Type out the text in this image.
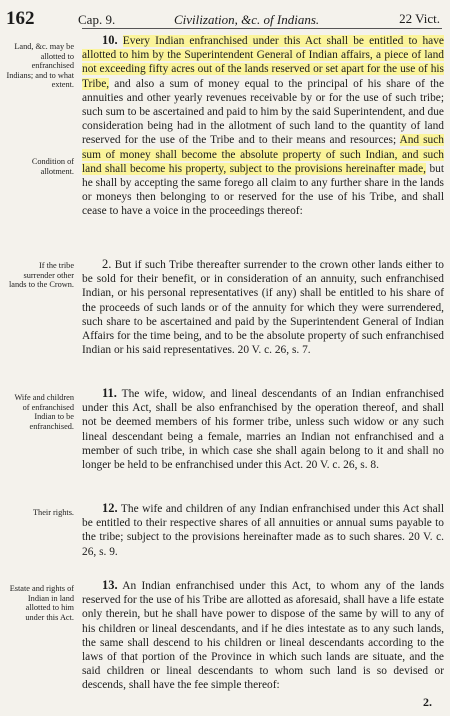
162	Cap. 9.	Civilization, &c. of Indians.	22 Vict.
Land, &c. may be allotted to enfranchised Indians; and to what extent.
Condition of allotment.
If the tribe surrender other lands to the Crown.
Wife and children of enfranchised Indian to be enfranchised.
Their rights.
Estate and rights of Indian in land allotted to him under this Act.

10. Every Indian enfranchised under this Act shall be entitled to have allotted to him by the Superintendent General of Indian affairs, a piece of land not exceeding fifty acres out of the lands reserved or set apart for the use of his Tribe, and also a sum of money equal to the principal of his share of the annuities and other yearly revenues receivable by or for the use of such tribe; such sum to be ascertained and paid to him by the said Superintendent, and due consideration being had in the allotment of such land to the quantity of land reserved for the use of the Tribe and to their means and resources; And such sum of money shall become the absolute property of such Indian, and such land shall become his property, subject to the provisions hereinafter made, but he shall by accepting the same forego all claim to any further share in the lands or moneys then belonging to or reserved for the use of his Tribe, and shall cease to have a voice in the proceedings thereof:

2. But if such Tribe thereafter surrender to the crown other lands either to be sold for their benefit, or in consideration of an annuity, such enfranchised Indian, or his personal representatives (if any) shall be entitled to his share of the proceeds of such lands or of the annuity for which they were surrendered, such share to be ascertained and paid by the Superintendent General of Indian Affairs for the time being, and to be the absolute property of such enfranchised Indian or his said representatives. 20 V. c. 26, s. 7.

11. The wife, widow, and lineal descendants of an Indian enfranchised under this Act, shall be also enfranchised by the operation thereof, and shall not be deemed members of his former tribe, unless such widow or any such lineal descendant being a female, marries an Indian not enfranchised and a member of such tribe, in which case she shall again belong to it and shall no longer be held to be enfranchised under this Act. 20 V. c. 26, s. 8.

12. The wife and children of any Indian enfranchised under this Act shall be entitled to their respective shares of all annuities or annual sums payable to the tribe; subject to the provisions hereinafter made as to such shares. 20 V. c. 26, s. 9.

13. An Indian enfranchised under this Act, to whom any of the lands reserved for the use of his Tribe are allotted as aforesaid, shall have a life estate only therein, but he shall have power to dispose of the same by will to any of his children or lineal descendants, and if he dies intestate as to any such lands, the same shall descend to his children or lineal descendants according to the laws of that portion of the Province in which such lands are situate, and the said children or lineal descendants to whom such land is so devised or descends, shall have the fee simple thereof:

2.
